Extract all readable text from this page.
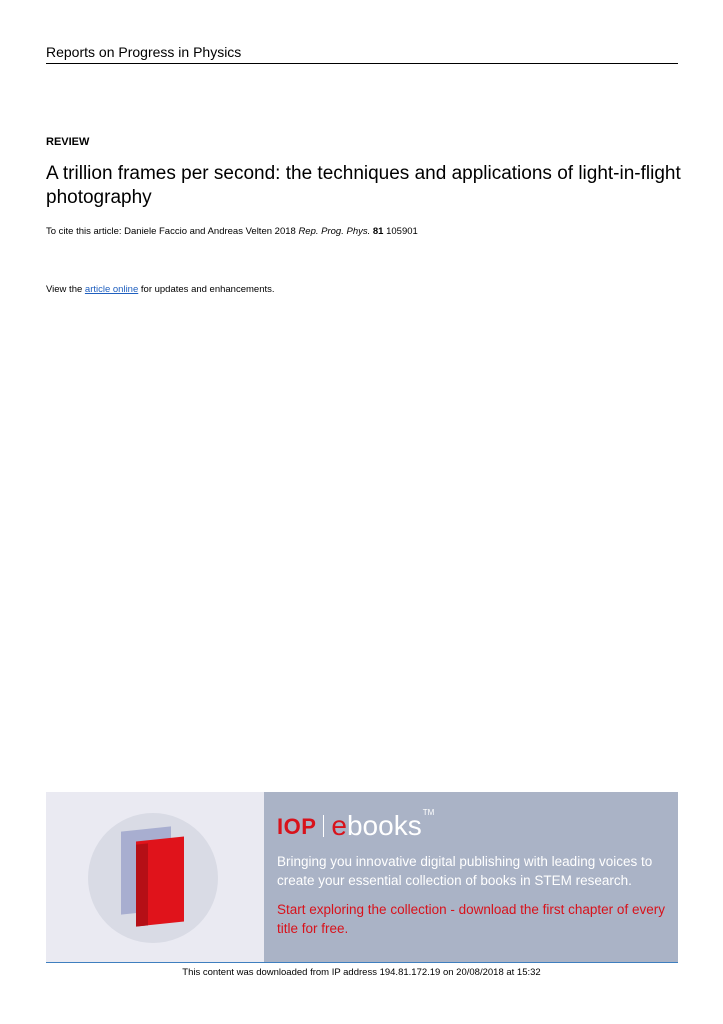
Reports on Progress in Physics
REVIEW
A trillion frames per second: the techniques and applications of light-in-flight photography
To cite this article: Daniele Faccio and Andreas Velten 2018 Rep. Prog. Phys. 81 105901
View the article online for updates and enhancements.
IOP e books TM
Bringing you innovative digital publishing with leading voices to create your essential collection of books in STEM research.
Start exploring the collection - download the first chapter of every title for free.
This content was downloaded from IP address 194.81.172.19 on 20/08/2018 at 15:32
